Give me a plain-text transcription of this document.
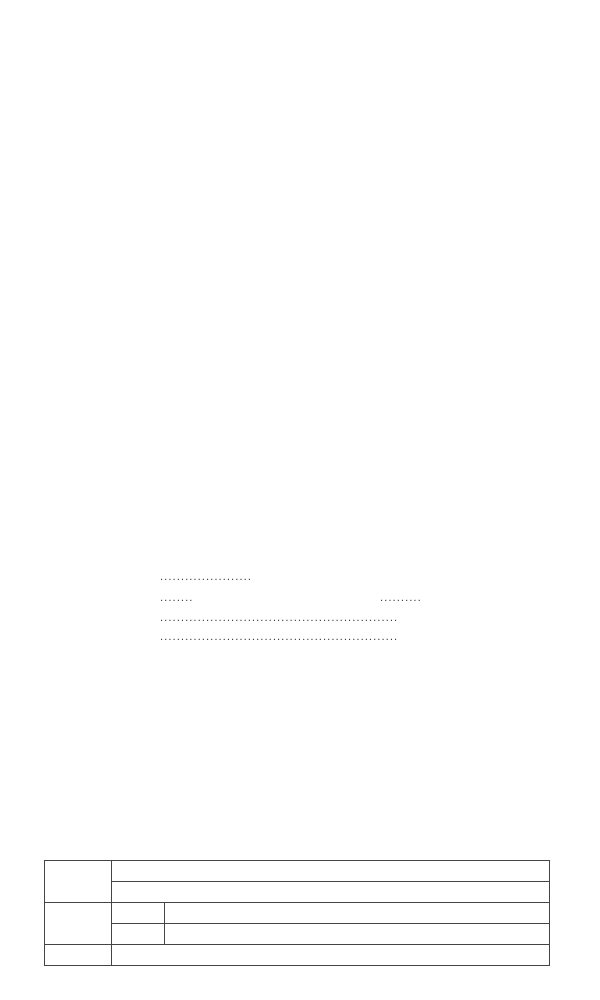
······················
········	··········
·························································
·························································
